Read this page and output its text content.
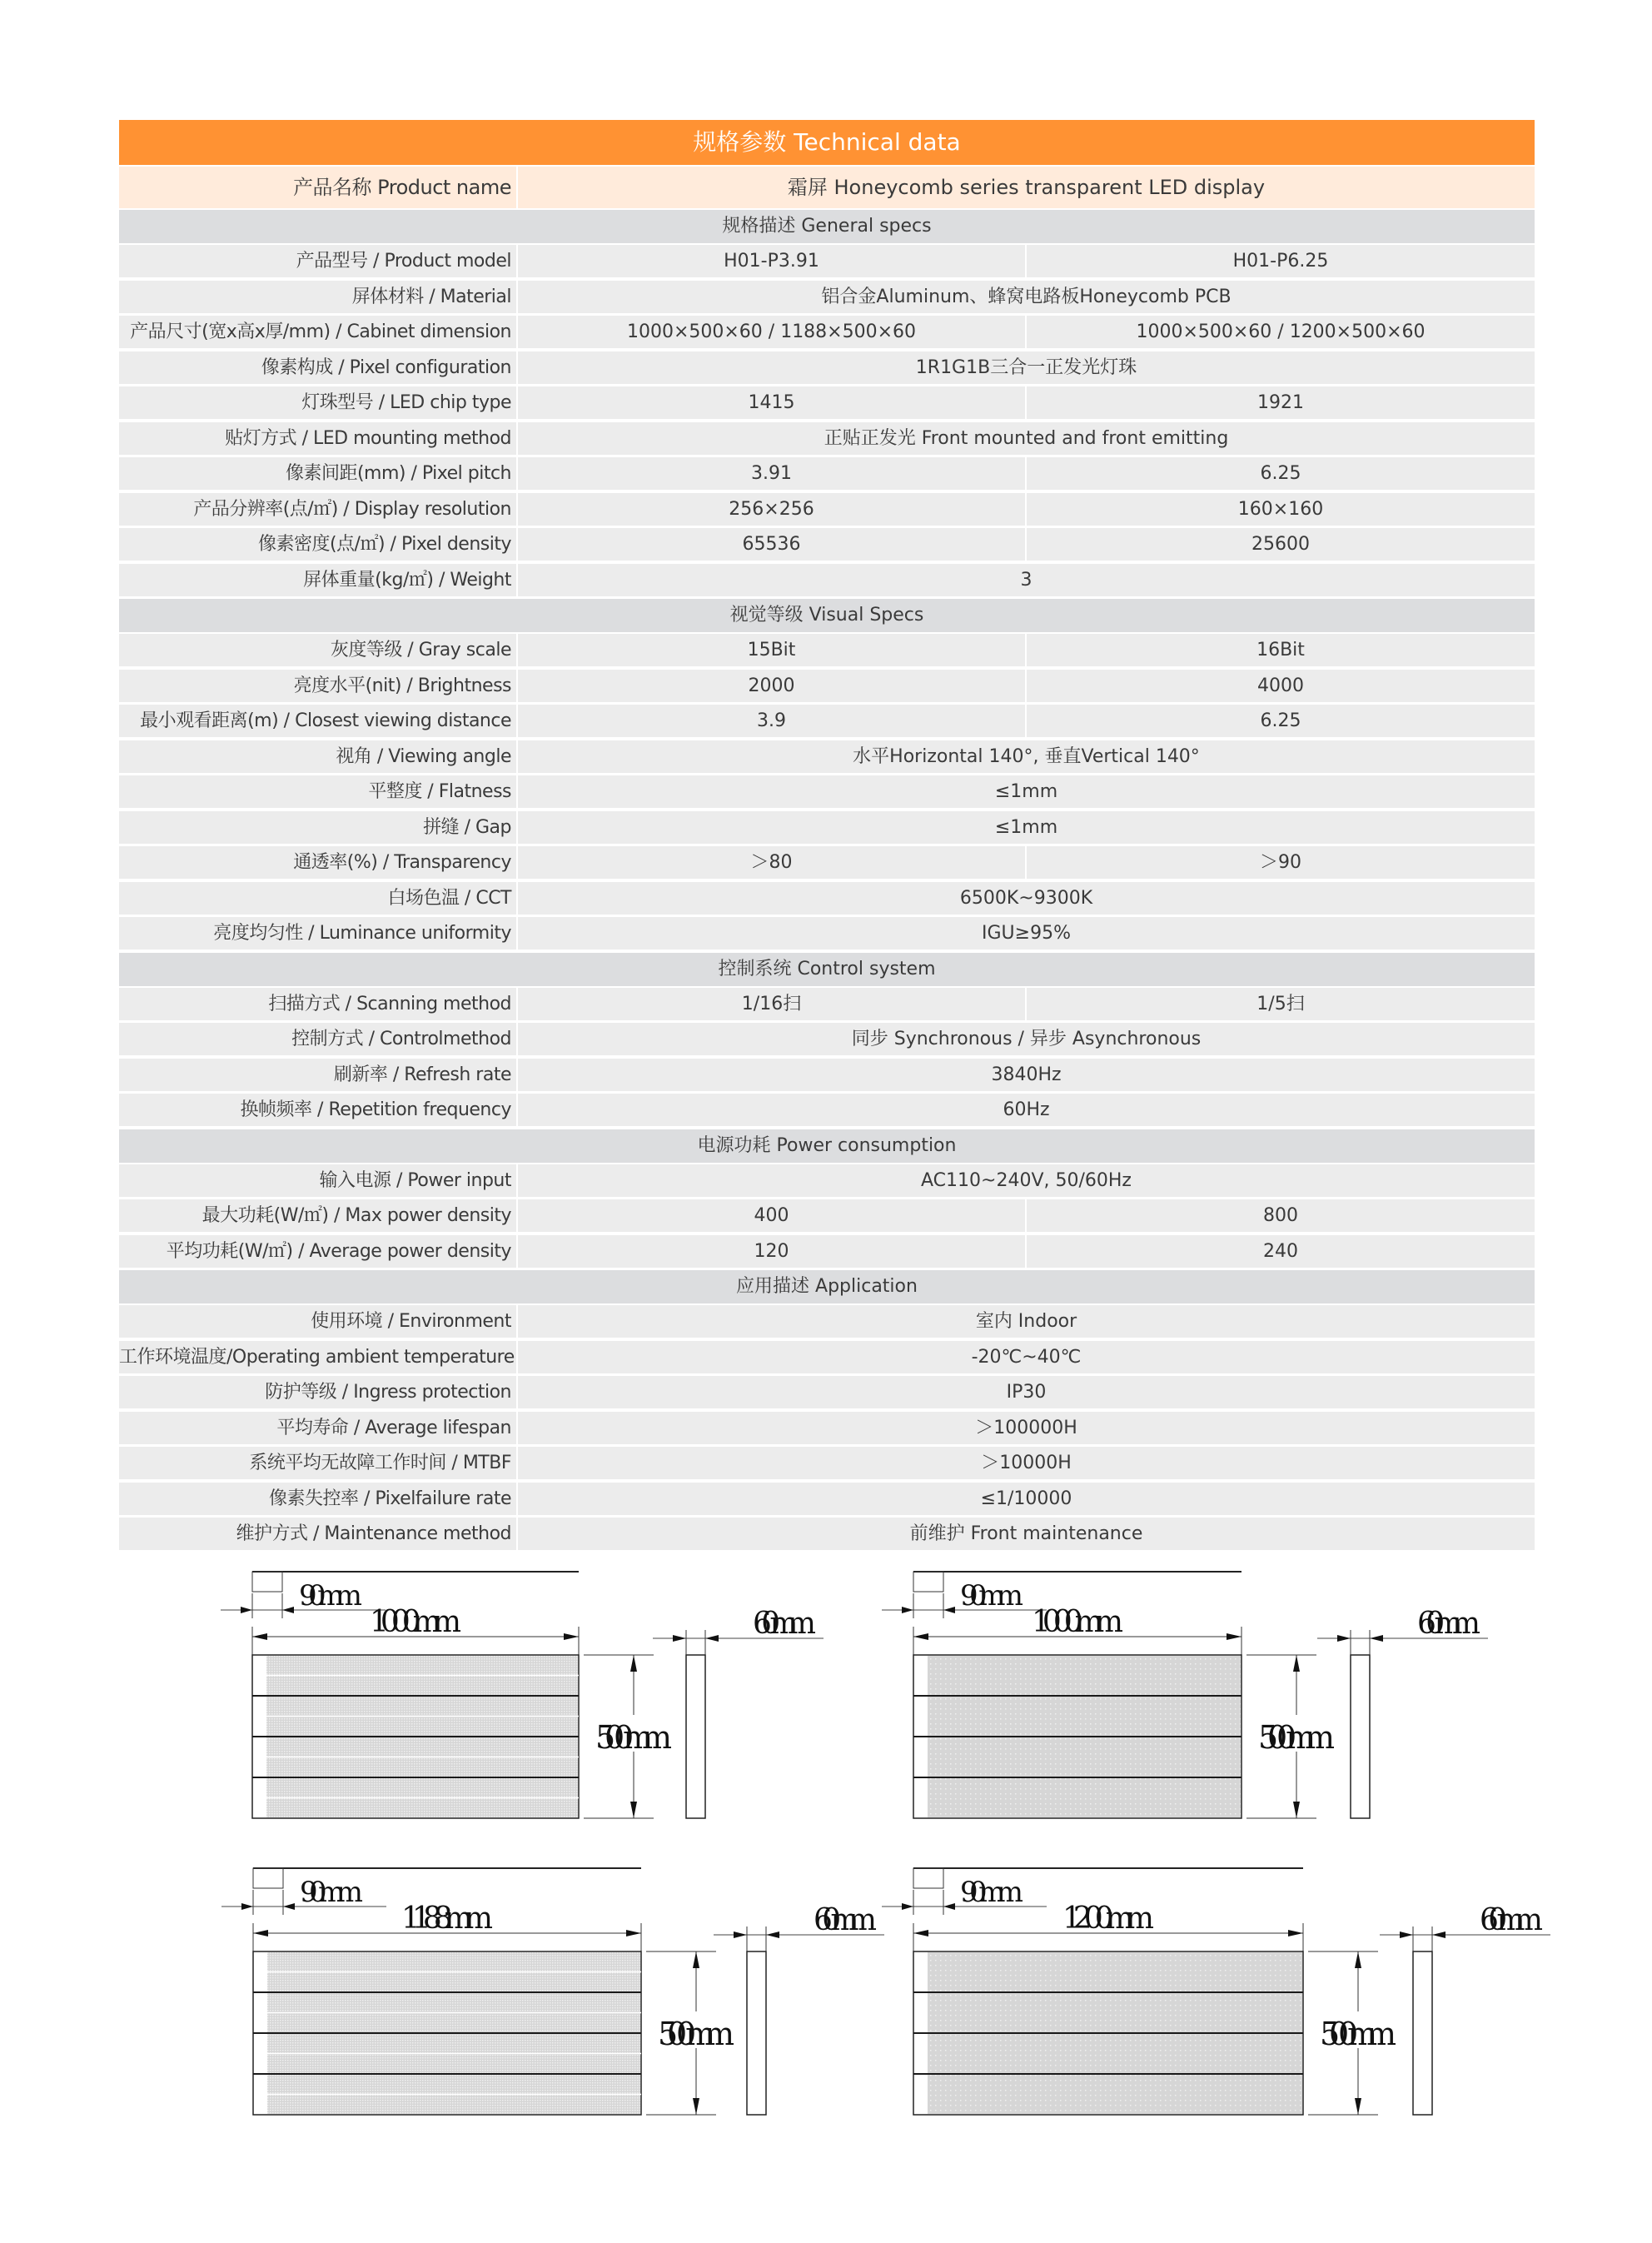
规格参数 Technical data
产品名称 Product name	霜屏 Honeycomb series transparent LED display
规格描述 General specs
产品型号 / Product model	H01-P3.91	H01-P6.25
屏体材料 / Material	铝合金Aluminum、蜂窝电路板Honeycomb PCB
产品尺寸(宽x高x厚/mm) / Cabinet dimension	1000×500×60 / 1188×500×60	1000×500×60 / 1200×500×60
像素构成 / Pixel configuration	1R1G1B三合一正发光灯珠
灯珠型号 / LED chip type	1415	1921
贴灯方式 / LED mounting method	正贴正发光 Front mounted and front emitting
像素间距(mm) / Pixel pitch	3.91	6.25
产品分辨率(点/㎡) / Display resolution	256×256	160×160
像素密度(点/㎡) / Pixel density	65536	25600
屏体重量(kg/㎡) / Weight	3
视觉等级 Visual Specs
灰度等级 / Gray scale	15Bit	16Bit
亮度水平(nit) / Brightness	2000	4000
最小观看距离(m) / Closest viewing distance	3.9	6.25
视角 / Viewing angle	水平Horizontal 140°, 垂直Vertical 140°
平整度 / Flatness	≤1mm
拼缝 / Gap	≤1mm
通透率(%) / Transparency	＞80	＞90
白场色温 / CCT	6500K~9300K
亮度均匀性 / Luminance uniformity	IGU≥95%
控制系统 Control system
扫描方式 / Scanning method	1/16扫	1/5扫
控制方式 / Controlmethod	同步 Synchronous / 异步 Asynchronous
刷新率 / Refresh rate	3840Hz
换帧频率 / Repetition frequency	60Hz
电源功耗 Power consumption
输入电源 / Power input	AC110~240V, 50/60Hz
最大功耗(W/㎡) / Max power density	400	800
平均功耗(W/㎡) / Average power density	120	240
应用描述 Application
使用环境 / Environment	室内 Indoor
工作环境温度/Operating ambient temperature	-20℃~40℃
防护等级 / Ingress protection	IP30
平均寿命 / Average lifespan	＞100000H
系统平均无故障工作时间 / MTBF	＞10000H
像素失控率 / Pixelfailure rate	≤1/10000
维护方式 / Maintenance method	前维护 Front maintenance
90mm
1000mm
500mm
60mm
90mm
1000mm
500mm
60mm
90mm
1188mm
500mm
60mm
90mm
1200mm
500mm
60mm
